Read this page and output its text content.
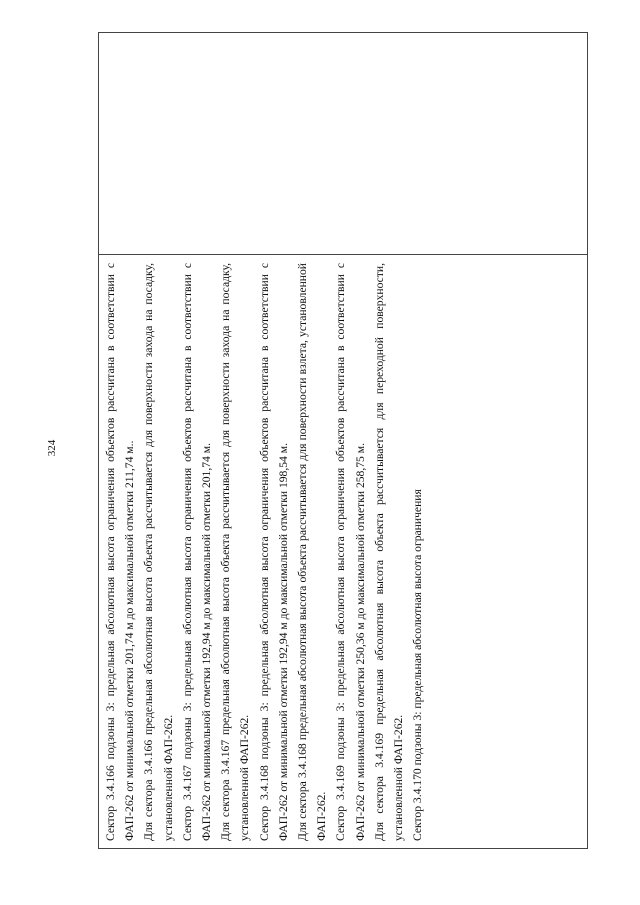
324	Сектор 3.4.166 подзоны 3: предельная абсолютная высота ограничения объектов рассчитана в соответствии с ФАП-262 от минимальной отметки 201,74 м до максимальной отметки 211,74 м.. Для сектора 3.4.166 предельная абсолютная высота объекта рассчитывается для поверхности захода на посадку, установленной ФАП-262. Сектор 3.4.167 подзоны 3: предельная абсолютная высота ограничения объектов рассчитана в соответствии с ФАП-262 от минимальной отметки 192,94 м до максимальной отметки 201,74 м. Для сектора 3.4.167 предельная абсолютная высота объекта рассчитывается для поверхности захода на посадку, установленной ФАП-262. Сектор 3.4.168 подзоны 3: предельная абсолютная высота ограничения объектов рассчитана в соответствии с ФАП-262 от минимальной отметки 192,94 м до максимальной отметки 198,54 м. Для сектора 3.4.168 предельная абсолютная высота объекта рассчитывается для поверхности взлета, установленной ФАП-262. Сектор 3.4.169 подзоны 3: предельная абсолютная высота ограничения объектов рассчитана в соответствии с ФАП-262 от минимальной отметки 250,36 м до максимальной отметки 258,75 м. Для сектора 3.4.169 предельная абсолютная высота объекта рассчитывается для переходной поверхности, установленной ФАП-262. Сектор 3.4.170 подзоны 3: предельная абсолютная высота ограничения
